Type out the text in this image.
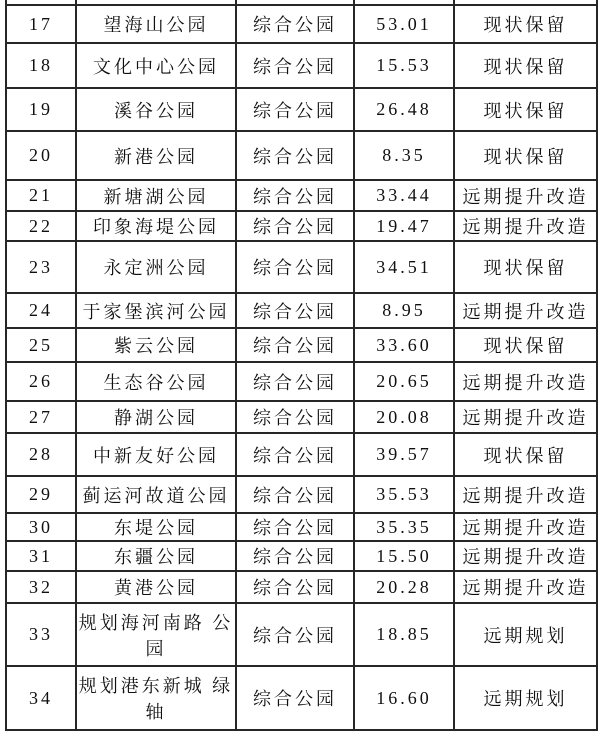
17	望海山公园	综合公园	53.01	现状保留
18	文化中心公园	综合公园	15.53	现状保留
19	溪谷公园	综合公园	26.48	现状保留
20	新港公园	综合公园	8.35	现状保留
21	新塘湖公园	综合公园	33.44	远期提升改造
22	印象海堤公园	综合公园	19.47	远期提升改造
23	永定洲公园	综合公园	34.51	现状保留
24	于家堡滨河公园	综合公园	8.95	远期提升改造
25	紫云公园	综合公园	33.60	现状保留
26	生态谷公园	综合公园	20.65	远期提升改造
27	静湖公园	综合公园	20.08	远期提升改造
28	中新友好公园	综合公园	39.57	现状保留
29	蓟运河故道公园	综合公园	35.53	远期提升改造
30	东堤公园	综合公园	35.35	远期提升改造
31	东疆公园	综合公园	15.50	远期提升改造
32	黄港公园	综合公园	20.28	远期提升改造
33	规划海河南路 公园	综合公园	18.85	远期规划
34	规划港东新城 绿轴	综合公园	16.60	远期规划
